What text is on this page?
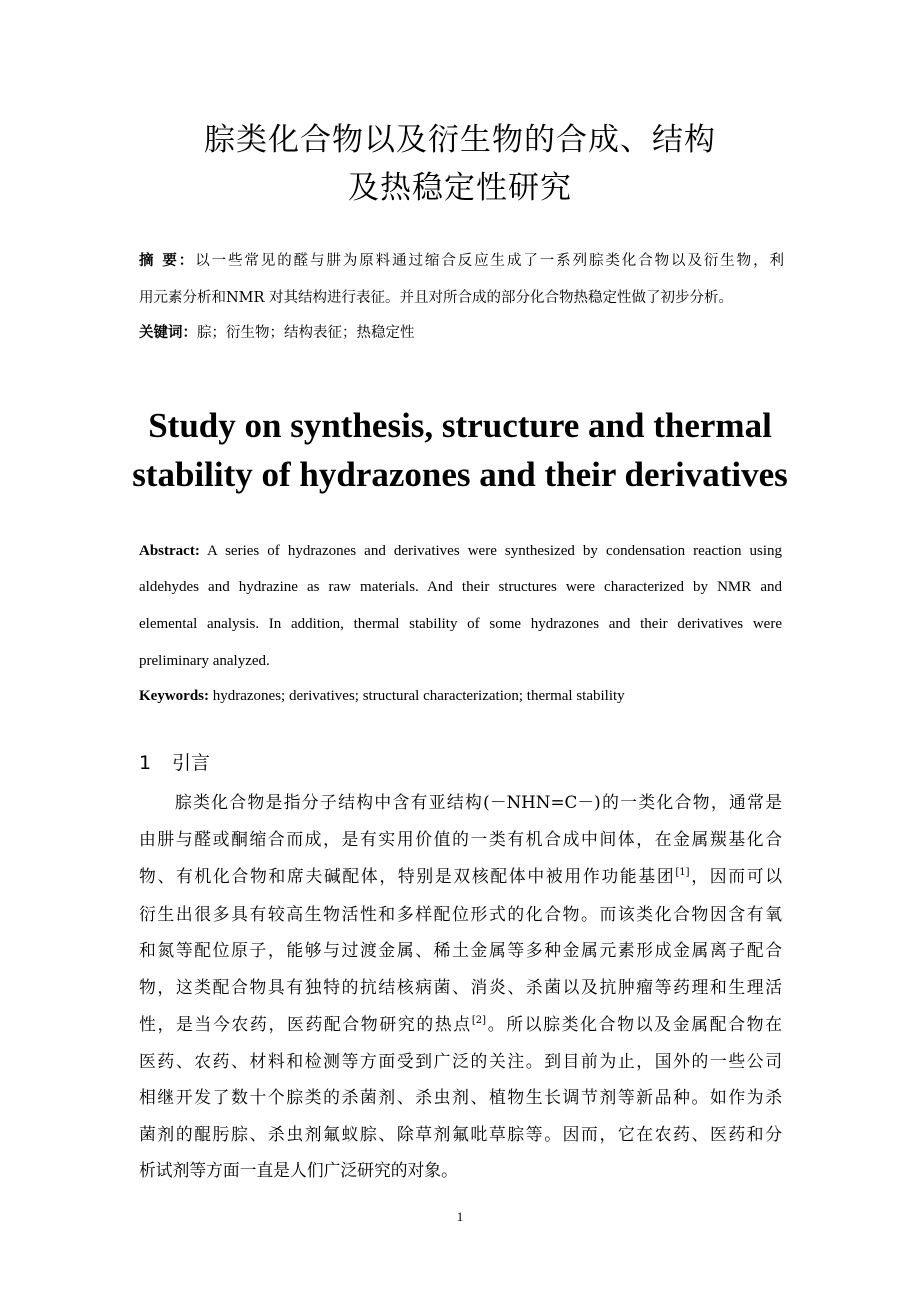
腙类化合物以及衍生物的合成、结构
及热稳定性研究
摘 要：以一些常见的醛与肼为原料通过缩合反应生成了一系列腙类化合物以及衍生物，利
用元素分析和NMR 对其结构进行表征。并且对所合成的部分化合物热稳定性做了初步分析。
关键词：腙；衍生物；结构表征；热稳定性
Study on synthesis, structure and thermal
stability of hydrazones and their derivatives
Abstract: A series of hydrazones and derivatives were synthesized by condensation reaction using
aldehydes and hydrazine as raw materials. And their structures were characterized by NMR and
elemental analysis. In addition, thermal stability of some hydrazones and their derivatives were
preliminary analyzed.
Keywords: hydrazones; derivatives; structural characterization; thermal stability
1 引言
腙类化合物是指分子结构中含有亚结构(－NHN=C－)的一类化合物，通常是
由肼与醛或酮缩合而成，是有实用价值的一类有机合成中间体，在金属羰基化合
物、有机化合物和席夫碱配体，特别是双核配体中被用作功能基团[1]，因而可以
衍生出很多具有较高生物活性和多样配位形式的化合物。而该类化合物因含有氧
和氮等配位原子，能够与过渡金属、稀土金属等多种金属元素形成金属离子配合
物，这类配合物具有独特的抗结核病菌、消炎、杀菌以及抗肿瘤等药理和生理活
性，是当今农药，医药配合物研究的热点[2]。所以腙类化合物以及金属配合物在
医药、农药、材料和检测等方面受到广泛的关注。到目前为止，国外的一些公司
相继开发了数十个腙类的杀菌剂、杀虫剂、植物生长调节剂等新品种。如作为杀
菌剂的醌肟腙、杀虫剂氟蚁腙、除草剂氟吡草腙等。因而，它在农药、医药和分
析试剂等方面一直是人们广泛研究的对象。
1
